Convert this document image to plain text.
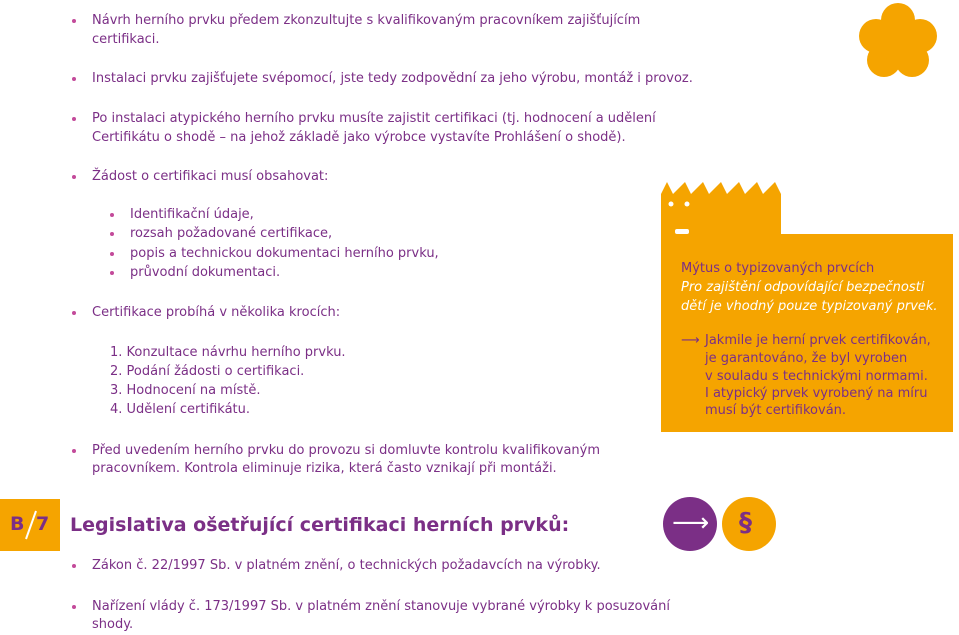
Návrh herního prvku předem zkonzultujte s kvalifikovaným pracovníkem zajišťujícím
certifikaci.
Instalaci prvku zajišťujete svépomocí, jste tedy zodpovědní za jeho výrobu, montáž i provoz.
Po instalaci atypického herního prvku musíte zajistit certifikaci (tj. hodnocení a udělení
Certifikátu o shodě – na jehož základě jako výrobce vystavíte Prohlášení o shodě).
Žádost o certifikaci musí obsahovat:
Identifikační údaje,
rozsah požadované certifikace,
popis a technickou dokumentaci herního prvku,
průvodní dokumentaci.
Certifikace probíhá v několika krocích:
1. Konzultace návrhu herního prvku.
2. Podání žádosti o certifikaci.
3. Hodnocení na místě.
4. Udělení certifikátu.
Před uvedením herního prvku do provozu si domluvte kontrolu kvalifikovaným
pracovníkem. Kontrola eliminuje rizika, která často vznikají při montáži.
Mýtus o typizovaných prvcích
Pro zajištění odpovídající bezpečnosti
dětí je vhodný pouze typizovaný prvek.
⟶ Jakmile je herní prvek certifikován,
je garantováno, že byl vyroben
v souladu s technickými normami.
I atypický prvek vyrobený na míru
musí být certifikován.
B 7 Legislativa ošetřující certifikaci herních prvků:	⟶ §
Zákon č. 22/1997 Sb. v platném znění, o technických požadavcích na výrobky.
Nařízení vlády č. 173/1997 Sb. v platném znění stanovuje vybrané výrobky k posuzování
shody.
